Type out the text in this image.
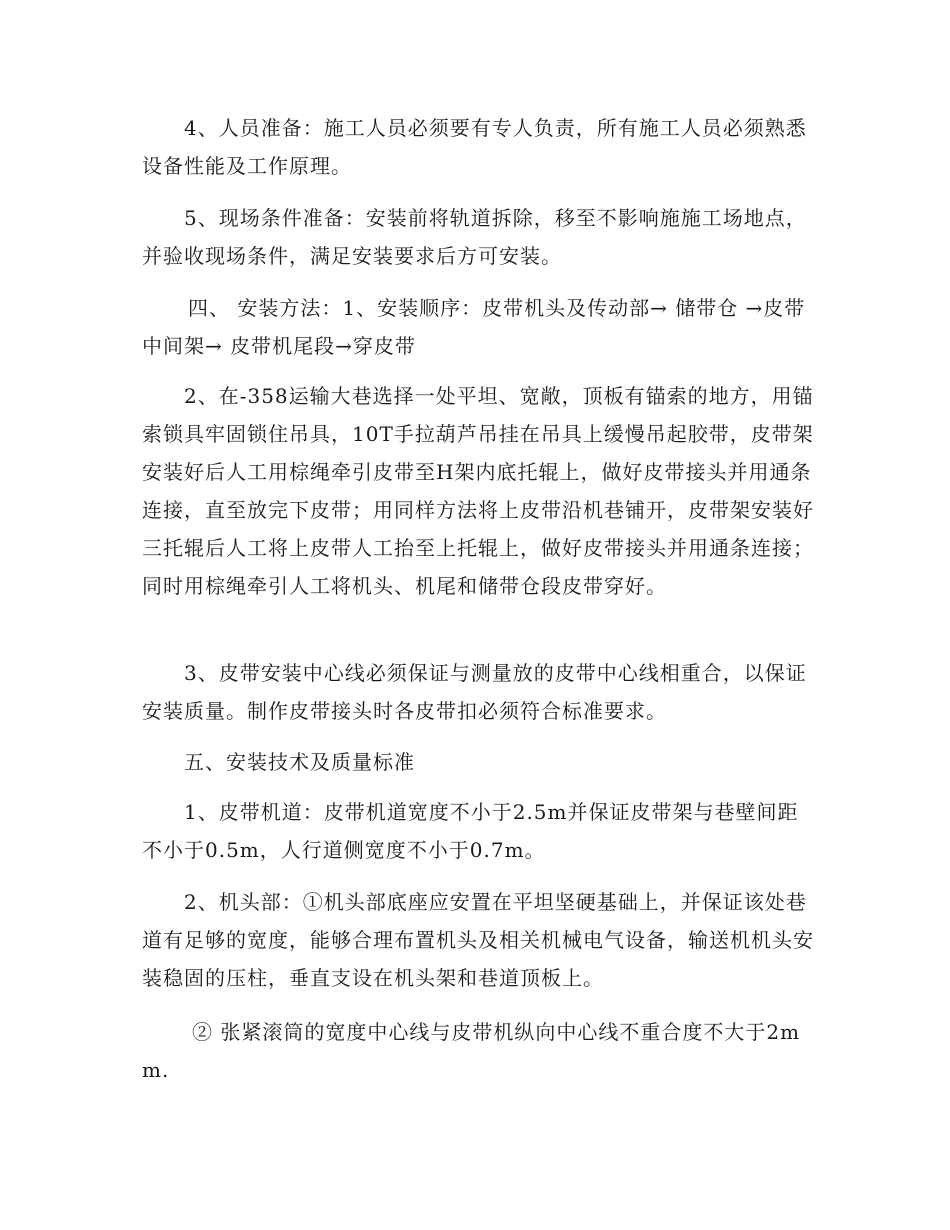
4、人员准备：施工人员必须要有专人负责，所有施工人员必须熟悉设备性能及工作原理。

5、现场条件准备：安装前将轨道拆除，移至不影响施施工场地点，并验收现场条件，满足安装要求后方可安装。

四、 安装方法：1、安装顺序：皮带机头及传动部→ 储带仓 →皮带中间架→ 皮带机尾段→穿皮带

2、在-358运输大巷选择一处平坦、宽敞，顶板有锚索的地方，用锚索锁具牢固锁住吊具，10T手拉葫芦吊挂在吊具上缓慢吊起胶带，皮带架安装好后人工用棕绳牵引皮带至H架内底托辊上，做好皮带接头并用通条连接，直至放完下皮带；用同样方法将上皮带沿机巷铺开，皮带架安装好三托辊后人工将上皮带人工抬至上托辊上，做好皮带接头并用通条连接；同时用棕绳牵引人工将机头、机尾和储带仓段皮带穿好。

3、皮带安装中心线必须保证与测量放的皮带中心线相重合，以保证安装质量。制作皮带接头时各皮带扣必须符合标准要求。

五、安装技术及质量标准

1、皮带机道：皮带机道宽度不小于2.5m并保证皮带架与巷壁间距不小于0.5m，人行道侧宽度不小于0.7m。

2、机头部：①机头部底座应安置在平坦坚硬基础上，并保证该处巷道有足够的宽度，能够合理布置机头及相关机械电气设备，输送机机头安装稳固的压柱，垂直支设在机头架和巷道顶板上。

② 张紧滚筒的宽度中心线与皮带机纵向中心线不重合度不大于2mm.
